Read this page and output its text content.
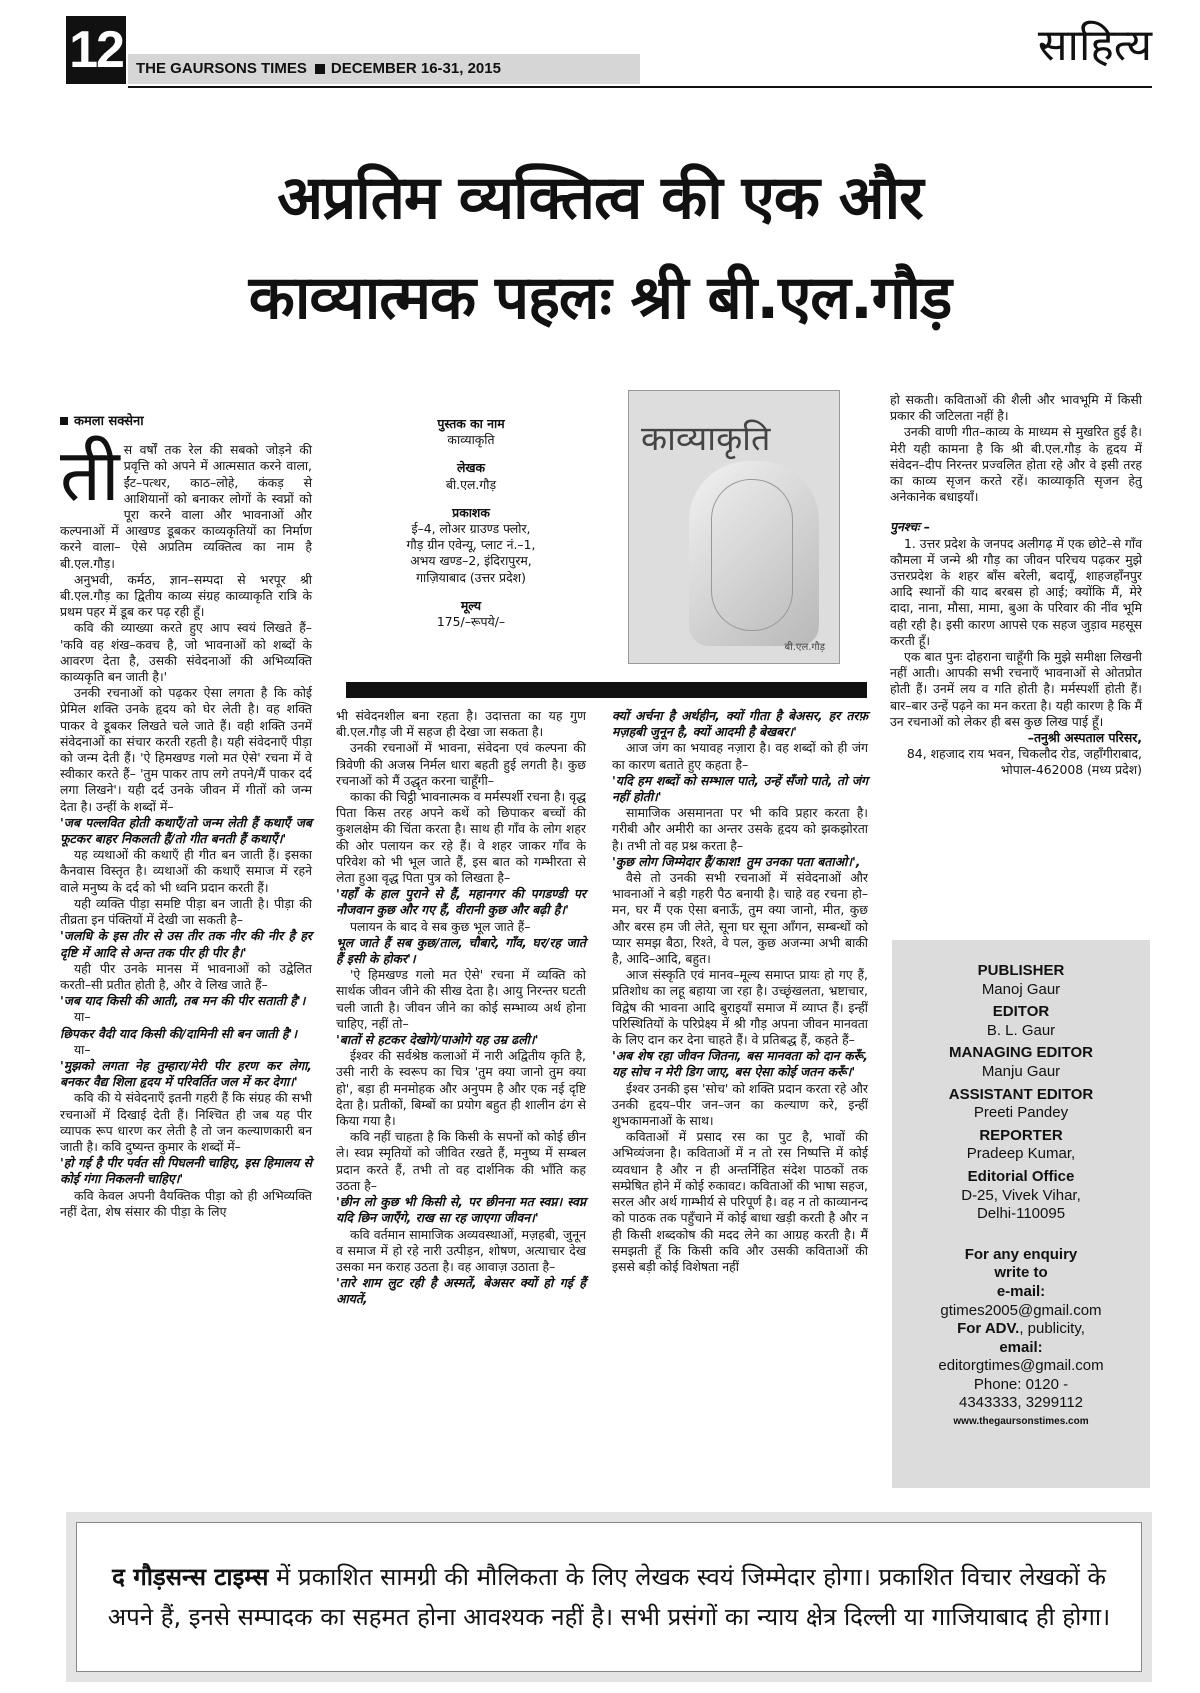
12 THE GAURSONS TIMES DECEMBER 16-31, 2015	साहित्य
अप्रतिम व्यक्तित्व की एक और
काव्यात्मक पहलः श्री बी.एल.गौड़
कमला सक्सेना

तीस वर्षों तक रेल की सबको जोड़ने की प्रवृत्ति को अपने में आत्मसात करने वाला, ईंट–पत्थर, काठ–लोहे, कंकड़ से आशियानों को बनाकर लोगों के स्वप्नों को पूरा करने वाला और भावनाओं और कल्पनाओं में आखण्ड डूबकर काव्यकृतियों का निर्माण करने वाला– ऐसे अप्रतिम व्यक्तित्व का नाम है बी.एल.गौड़।

अनुभवी, कर्मठ, ज्ञान–सम्पदा से भरपूर श्री बी.एल.गौड़ का द्वितीय काव्य संग्रह काव्याकृति रात्रि के प्रथम पहर में डूब कर पढ़ रही हूँ।

कवि की व्याख्या करते हुए आप स्वयं लिखते हैं– 'कवि वह शंख–कवच है, जो भावनाओं को शब्दों के आवरण देता है, उसकी संवेदनाओं की अभिव्यक्ति काव्यकृति बन जाती है।'

उनकी रचनाओं को पढ़कर ऐसा लगता है कि कोई प्रेमिल शक्ति उनके हृदय को घेर लेती है। वह शक्ति पाकर वे डूबकर लिखते चले जाते हैं। वही शक्ति उनमें संवेदनाओं का संचार करती रहती है। यही संवेदनाएँ पीड़ा को जन्म देती हैं। 'ऐ हिमखण्ड गलो मत ऐसे' रचना में वे स्वीकार करते हैं– 'तुम पाकर ताप लगे तपने/मैं पाकर दर्द लगा लिखने'। यही दर्द उनके जीवन में गीतों को जन्म देता है। उन्हीं के शब्दों में–

'जब पल्लवित होती कथाएँ/तो जन्म लेती हैं कथाएँ जब फूटकर बाहर निकलती हैं/तो गीत बनती हैं कथाएँ।'

यह व्यथाओं की कथाएँ ही गीत बन जाती हैं। इसका कैनवास विस्तृत है। व्यथाओं की कथाएँ समाज में रहने वाले मनुष्य के दर्द को भी ध्वनि प्रदान करती हैं।

यही व्यक्ति पीड़ा समष्टि पीड़ा बन जाती है। पीड़ा की तीव्रता इन पंक्तियों में देखी जा सकती है–

'जलधि के इस तीर से उस तीर तक नीर की नीर है हर दृष्टि में आदि से अन्त तक पीर ही पीर है।'

यही पीर उनके मानस में भावनाओं को उद्वेलित करती–सी प्रतीत होती है, और वे लिख जाते हैं–

'जब याद किसी की आती, तब मन की पीर सताती है'।

या–

छिपकर वैदी याद किसी की/दामिनी सी बन जाती है'।

या–

'मुझको लगता नेह तुम्हारा/मेरी पीर हरण कर लेगा, बनकर वैद्य शिला हृदय में परिवर्तित जल में कर देगा।'

कवि की ये संवेदनाएँ इतनी गहरी हैं कि संग्रह की सभी रचनाओं में दिखाई देती हैं। निश्चित ही जब यह पीर व्यापक रूप धारण कर लेती है तो जन कल्याणकारी बन जाती है। कवि दुष्यन्त कुमार के शब्दों में–

'हो गई है पीर पर्वत सी पिघलनी चाहिए, इस हिमालय से कोई गंगा निकलनी चाहिए।'

कवि केवल अपनी वैयक्तिक पीड़ा को ही अभिव्यक्ति नहीं देता, शेष संसार की पीड़ा के लिए

पुस्तक का नाम
काव्याकृति
लेखक
बी.एल.गौड़
प्रकाशक
ई–4, लोअर ग्राउण्ड फ्लोर,
गौड़ ग्रीन एवेन्यू, प्लाट नं.–1,
अभय खण्ड–2, इंदिरापुरम,
गाज़ियाबाद (उत्तर प्रदेश)
मूल्य
175/–रूपये/–
काव्याकृति
बी.एल.गौड़

भी संवेदनशील बना रहता है। उदात्तता का यह गुण बी.एल.गौड़ जी में सहज ही देखा जा सकता है।

उनकी रचनाओं में भावना, संवेदना एवं कल्पना की त्रिवेणी की अजस्र निर्मल धारा बहती हुई लगती है। कुछ रचनाओं को मैं उद्धृत करना चाहूँगी–

काका की चिट्ठी भावनात्मक व मर्मस्पर्शी रचना है। वृद्ध पिता किस तरह अपने कथें को छिपाकर बच्चों की कुशलक्षेम की चिंता करता है। साथ ही गाँव के लोग शहर की ओर पलायन कर रहे हैं। वे शहर जाकर गाँव के परिवेश को भी भूल जाते हैं, इस बात को गम्भीरता से लेता हुआ वृद्ध पिता पुत्र को लिखता है–

'यहाँ के हाल पुराने से हैं, महानगर की पगडण्डी पर नौजवान कुछ और गए हैं, वीरानी कुछ और बढ़ी है।'

पलायन के बाद वे सब कुछ भूल जाते हैं–

भूल जाते हैं सब कुछ/ताल, चौबारे, गाँव, घर/रह जाते हैं इसी के होकर'।

'ऐ हिमखण्ड गलो मत ऐसे' रचना में व्यक्ति को सार्थक जीवन जीने की सीख देता है। आयु निरन्तर घटती चली जाती है। जीवन जीने का कोई सम्भाव्य अर्थ होना चाहिए, नहीं तो–

'बातों से हटकर देखोगे/पाओगे यह उम्र ढली।'

ईश्वर की सर्वश्रेष्ठ कलाओं में नारी अद्वितीय कृति है, उसी नारी के स्वरूप का चित्र 'तुम क्या जानो तुम क्या हो', बड़ा ही मनमोहक और अनुपम है और एक नई दृष्टि देता है। प्रतीकों, बिम्बों का प्रयोग बहुत ही शालीन ढंग से किया गया है।

कवि नहीं चाहता है कि किसी के सपनों को कोई छीन ले। स्वप्न स्मृतियों को जीवित रखते हैं, मनुष्य में सम्बल प्रदान करते हैं, तभी तो वह दार्शनिक की भाँति कह उठता है–

'छीन लो कुछ भी किसी से, पर छीनना मत स्वप्न। स्वप्न यदि छिन जाएँगे, राख सा रह जाएगा जीवन।'

कवि वर्तमान सामाजिक अव्यवस्थाओं, मज़हबी, जुनून व समाज में हो रहे नारी उत्पीड़न, शोषण, अत्याचार देख उसका मन कराह उठता है। वह आवाज़ उठाता है–

'तारे शाम लुट रही है अस्मतें, बेअसर क्यों हो गई हैं आयतें,

क्यों अर्चना है अर्थहीन, क्यों गीता है बेअसर, हर तरफ़ मज़हबी जुनून है, क्यों आदमी है बेखबर।'

आज जंग का भयावह नज़ारा है। वह शब्दों को ही जंग का कारण बताते हुए कहता है–

'यदि हम शब्दों को सम्भाल पाते, उन्हें सँजो पाते, तो जंग नहीं होती।'

सामाजिक असमानता पर भी कवि प्रहार करता है। गरीबी और अमीरी का अन्तर उसके हृदय को झकझोरता है। तभी तो वह प्रश्न करता है–

'कुछ लोग जिम्मेदार हैं/काश! तुम उनका पता बताओ।',

वैसे तो उनकी सभी रचनाओं में संवेदनाओं और भावनाओं ने बड़ी गहरी पैठ बनायी है। चाहे वह रचना हो– मन, घर मैं एक ऐसा बनाऊँ, तुम क्या जानो, मीत, कुछ और बरस हम जी लेते, सूना घर सूना आँगन, सम्बन्धों को प्यार समझ बैठा, रिश्ते, वे पल, कुछ अजन्मा अभी बाकी है, आदि–आदि, बहुत।

आज संस्कृति एवं मानव–मूल्य समाप्त प्रायः हो गए हैं, प्रतिशोध का लहू बहाया जा रहा है। उच्छृंखलता, भ्रष्टाचार, विद्वेष की भावना आदि बुराइयाँ समाज में व्याप्त हैं। इन्हीं परिस्थितियों के परिप्रेक्ष्य में श्री गौड़ अपना जीवन मानवता के लिए दान कर देना चाहते हैं। वे प्रतिबद्ध हैं, कहते हैं–

'अब शेष रहा जीवन जितना, बस मानवता को दान करूँ, यह सोच न मेरी डिग जाए, बस ऐसा कोई जतन करूँ।'

ईश्वर उनकी इस 'सोच' को शक्ति प्रदान करता रहे और उनकी हृदय–पीर जन–जन का कल्याण करे, इन्हीं शुभकामनाओं के साथ।

कविताओं में प्रसाद रस का पुट है, भावों की अभिव्यंजना है। कविताओं में न तो रस निष्पत्ति में कोई व्यवधान है और न ही अन्तर्निहित संदेश पाठकों तक सम्प्रेषित होने में कोई रुकावट। कविताओं की भाषा सहज, सरल और अर्थ गाम्भीर्य से परिपूर्ण है। वह न तो काव्यानन्द को पाठक तक पहुँचाने में कोई बाधा खड़ी करती है और न ही किसी शब्दकोष की मदद लेने का आग्रह करती है। मैं समझती हूँ कि किसी कवि और उसकी कविताओं की इससे बड़ी कोई विशेषता नहीं

हो सकती। कविताओं की शैली और भावभूमि में किसी प्रकार की जटिलता नहीं है।

उनकी वाणी गीत–काव्य के माध्यम से मुखरित हुई है। मेरी यही कामना है कि श्री बी.एल.गौड़ के हृदय में संवेदन–दीप निरन्तर प्रज्वलित होता रहे और वे इसी तरह का काव्य सृजन करते रहें। काव्याकृति सृजन हेतु अनेकानेक बधाइयाँ।

पुनश्चः –

1. उत्तर प्रदेश के जनपद अलीगढ़ में एक छोटे–से गाँव कौमला में जन्मे श्री गौड़ का जीवन परिचय पढ़कर मुझे उत्तरप्रदेश के शहर बाँस बरेली, बदायूँ, शाहजहाँनपुर आदि स्थानों की याद बरबस हो आई; क्योंकि मैं, मेरे दादा, नाना, मौसा, मामा, बुआ के परिवार की नींव भूमि वही रही है। इसी कारण आपसे एक सहज जुड़ाव महसूस करती हूँ।

एक बात पुनः दोहराना चाहूँगी कि मुझे समीक्षा लिखनी नहीं आती। आपकी सभी रचनाएँ भावनाओं से ओतप्रोत होती हैं। उनमें लय व गति होती है। मर्मस्पर्शी होती हैं। बार–बार उन्हें पढ़ने का मन करता है। यही कारण है कि मैं उन रचनाओं को लेकर ही बस कुछ लिख पाई हूँ।

–तनुश्री अस्पताल परिसर,

84, शहजाद राय भवन, चिकलौद रोड, जहाँगीराबाद, भोपाल-462008 (मध्य प्रदेश)

PUBLISHER
Manoj Gaur
EDITOR
B. L. Gaur
MANAGING EDITOR
Manju Gaur
ASSISTANT EDITOR
Preeti Pandey
REPORTER
Pradeep Kumar,
Editorial Office
D-25, Vivek Vihar,
Delhi-110095
For any enquiry
write to
e-mail:
gtimes2005@gmail.com
For ADV., publicity,
email:
editorgtimes@gmail.com
Phone: 0120 -
4343333, 3299112
www.thegaursonstimes.com
द गौड़सन्स टाइम्स में प्रकाशित सामग्री की मौलिकता के लिए लेखक स्वयं जिम्मेदार होगा। प्रकाशित विचार लेखकों के अपने हैं, इनसे सम्पादक का सहमत होना आवश्यक नहीं है। सभी प्रसंगों का न्याय क्षेत्र दिल्ली या गाजियाबाद ही होगा।
